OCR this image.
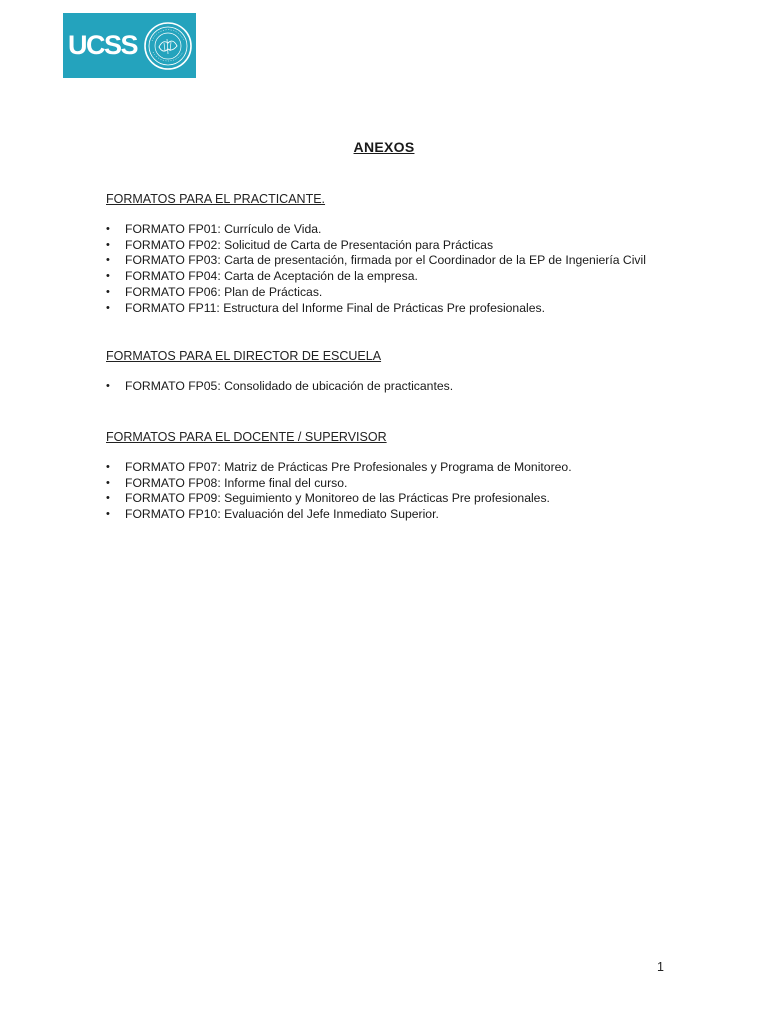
UCSS
ANEXOS

FORMATOS PARA EL PRACTICANTE.

• FORMATO FP01: Currículo de Vida.
• FORMATO FP02: Solicitud de Carta de Presentación para Prácticas
• FORMATO FP03: Carta de presentación, firmada por el Coordinador de la EP de Ingeniería Civil
• FORMATO FP04: Carta de Aceptación de la empresa.
• FORMATO FP06: Plan de Prácticas.
• FORMATO FP11: Estructura del Informe Final de Prácticas Pre profesionales.

FORMATOS PARA EL DIRECTOR DE ESCUELA

• FORMATO FP05: Consolidado de ubicación de practicantes.

FORMATOS PARA EL DOCENTE / SUPERVISOR

• FORMATO FP07: Matriz de Prácticas Pre Profesionales y Programa de Monitoreo.
• FORMATO FP08: Informe final del curso.
• FORMATO FP09: Seguimiento y Monitoreo de las Prácticas Pre profesionales.
• FORMATO FP10: Evaluación del Jefe Inmediato Superior.
1
